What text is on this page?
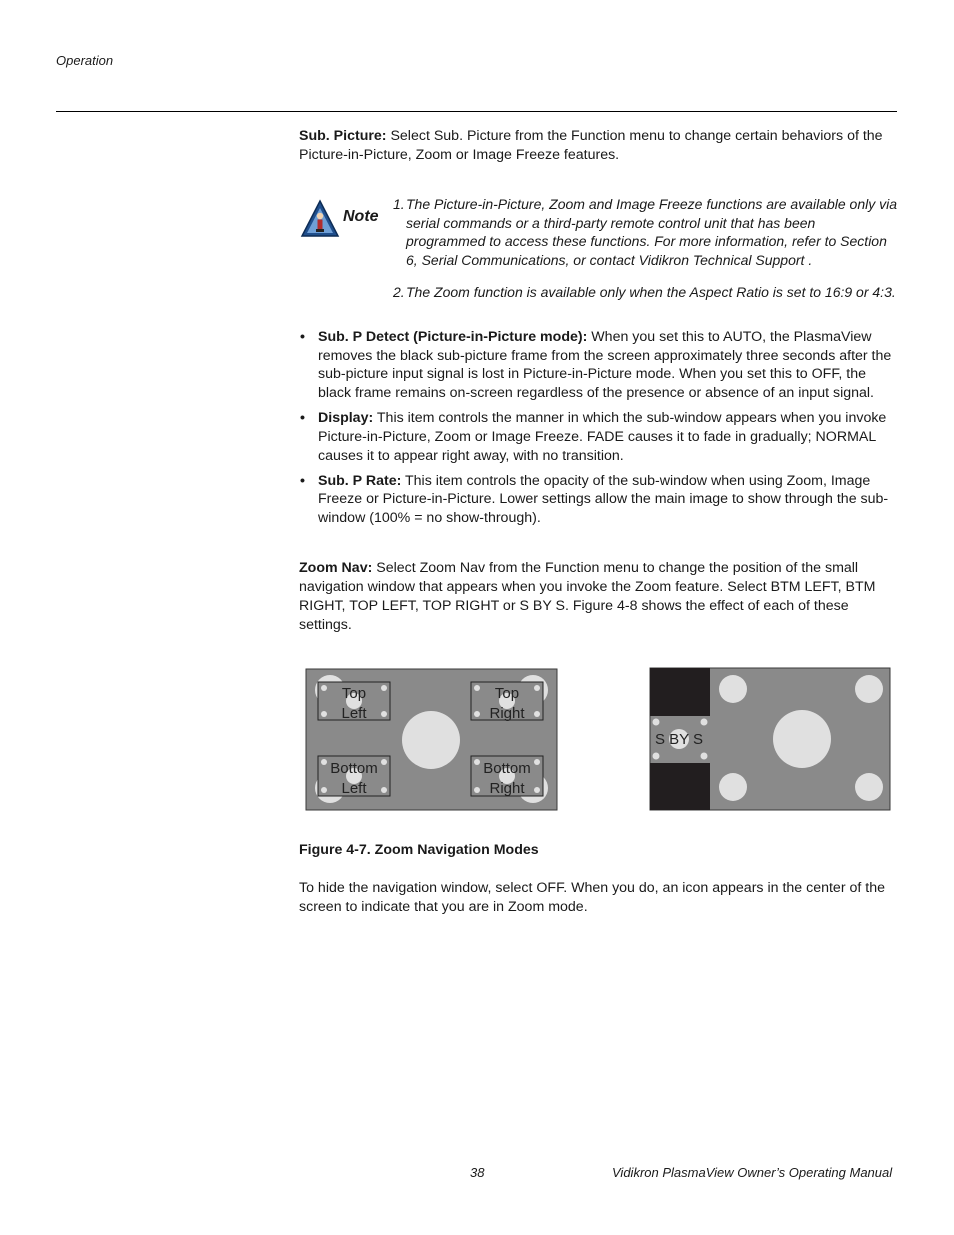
Operation
Sub. Picture: Select Sub. Picture from the Function menu to change certain behaviors of the Picture-in-Picture, Zoom or Image Freeze features.
Note
1. The Picture-in-Picture, Zoom and Image Freeze functions are available only via serial commands or a third-party remote control unit that has been programmed to access these functions. For more information, refer to Section 6, Serial Communications, or contact Vidikron Technical Support .
2. The Zoom function is available only when the Aspect Ratio is set to 16:9 or 4:3.
• Sub. P Detect (Picture-in-Picture mode): When you set this to AUTO, the PlasmaView removes the black sub-picture frame from the screen approximately three seconds after the sub-picture input signal is lost in Picture-in-Picture mode. When you set this to OFF, the black frame remains on-screen regardless of the presence or absence of an input signal.
• Display: This item controls the manner in which the sub-window appears when you invoke Picture-in-Picture, Zoom or Image Freeze. FADE causes it to fade in gradually; NORMAL causes it to appear right away, with no transition.
• Sub. P Rate: This item controls the opacity of the sub-window when using Zoom, Image Freeze or Picture-in-Picture. Lower settings allow the main image to show through the sub-window (100% = no show-through).
Zoom Nav: Select Zoom Nav from the Function menu to change the position of the small navigation window that appears when you invoke the Zoom feature. Select BTM LEFT, BTM RIGHT, TOP LEFT, TOP RIGHT or S BY S. Figure 4-8 shows the effect of each of these settings.
Top
Left
Top
Right
Bottom
Left
Bottom
Right
S BY S
Figure 4-7. Zoom Navigation Modes
To hide the navigation window, select OFF. When you do, an icon appears in the center of the screen to indicate that you are in Zoom mode.
38	Vidikron PlasmaView Owner’s Operating Manual
